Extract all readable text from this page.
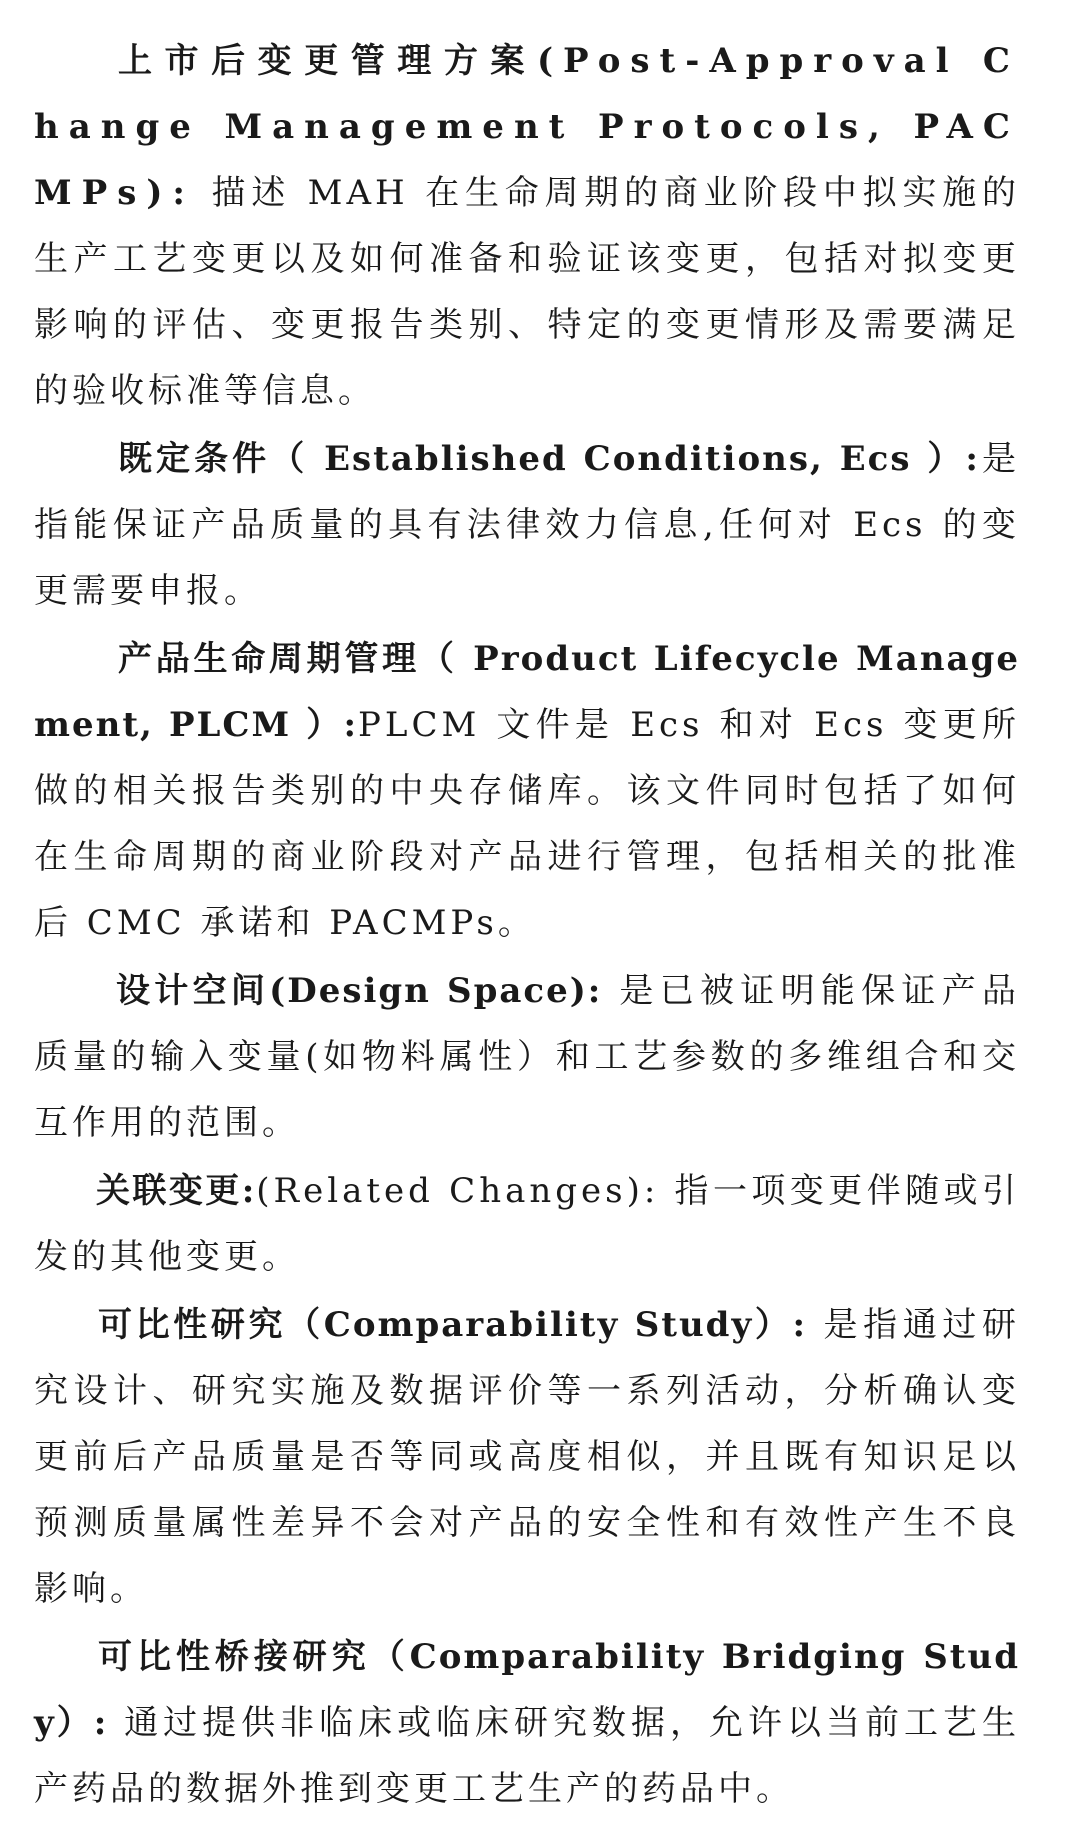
上市后变更管理方案(Post-Approval Change Management Protocols, PACMPs): 描述 MAH 在生命周期的商业阶段中拟实施的生产工艺变更以及如何准备和验证该变更，包括对拟变更影响的评估、变更报告类别、特定的变更情形及需要满足的验收标准等信息。

既定条件（ Established Conditions, Ecs ）:是指能保证产品质量的具有法律效力信息,任何对 Ecs 的变更需要申报。

产品生命周期管理（ Product Lifecycle Management, PLCM ）:PLCM 文件是 Ecs 和对 Ecs 变更所做的相关报告类别的中央存储库。该文件同时包括了如何在生命周期的商业阶段对产品进行管理，包括相关的批准后 CMC 承诺和 PACMPs。

设计空间(Design Space): 是已被证明能保证产品质量的输入变量(如物料属性）和工艺参数的多维组合和交互作用的范围。

关联变更:(Related Changes): 指一项变更伴随或引发的其他变更。

可比性研究（Comparability Study）: 是指通过研究设计、研究实施及数据评价等一系列活动，分析确认变更前后产品质量是否等同或高度相似，并且既有知识足以预测质量属性差异不会对产品的安全性和有效性产生不良影响。

可比性桥接研究（Comparability Bridging Study）: 通过提供非临床或临床研究数据，允许以当前工艺生产药品的数据外推到变更工艺生产的药品中。
